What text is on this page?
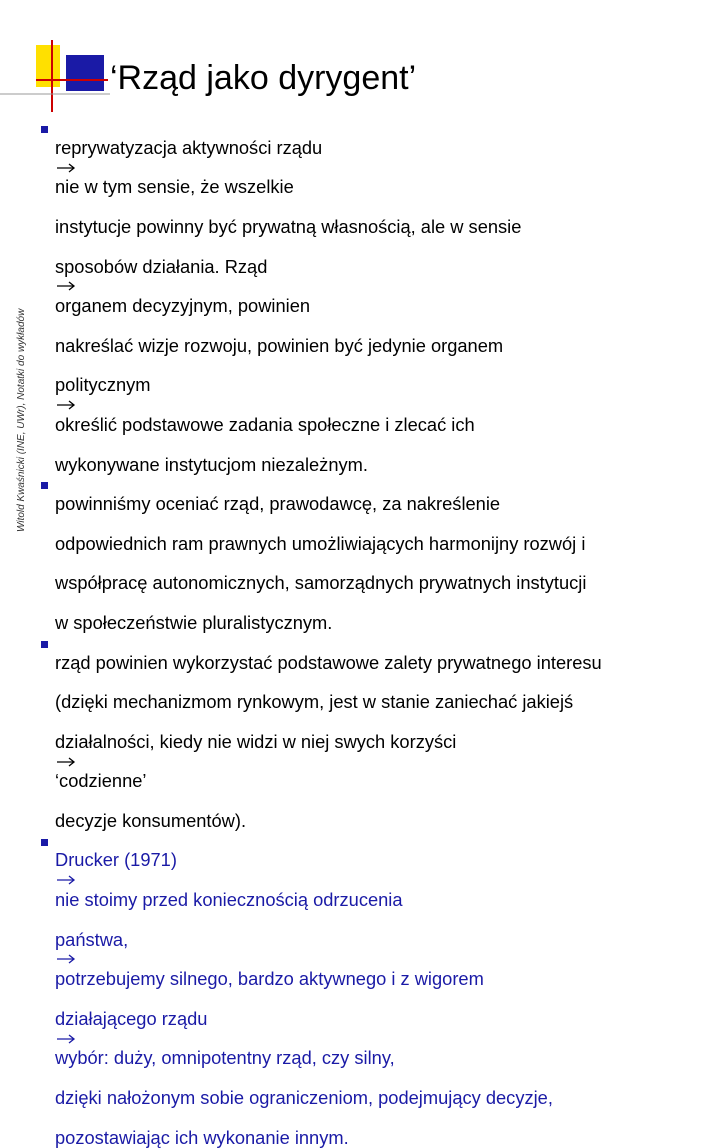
‘Rząd jako dyrygent’
Witold Kwaśnicki (INE, UWr), Notatki do wykładów

reprywatyzacja aktywności rządu

nie w tym sensie, że wszelkie

instytucje powinny być prywatną własnością, ale w sensie

sposobów działania. Rząd

organem decyzyjnym, powinien

nakreślać wizje rozwoju, powinien być jedynie organem

politycznym

określić podstawowe zadania społeczne i zlecać ich

wykonywane instytucjom niezależnym.

powinniśmy oceniać rząd, prawodawcę, za nakreślenie

odpowiednich ram prawnych umożliwiających harmonijny rozwój i

współpracę autonomicznych, samorządnych prywatnych instytucji

w społeczeństwie pluralistycznym.

rząd powinien wykorzystać podstawowe zalety prywatnego interesu

(dzięki mechanizmom rynkowym, jest w stanie zaniechać jakiejś

działalności, kiedy nie widzi w niej swych korzyści

‘codzienne’

decyzje konsumentów).

Drucker (1971)

nie stoimy przed koniecznością odrzucenia

państwa,

potrzebujemy silnego, bardzo aktywnego i z wigorem

działającego rządu

wybór: duży, omnipotentny rząd, czy silny,

dzięki nałożonym sobie ograniczeniom, podejmujący decyzje,

pozostawiając ich wykonanie innym.
